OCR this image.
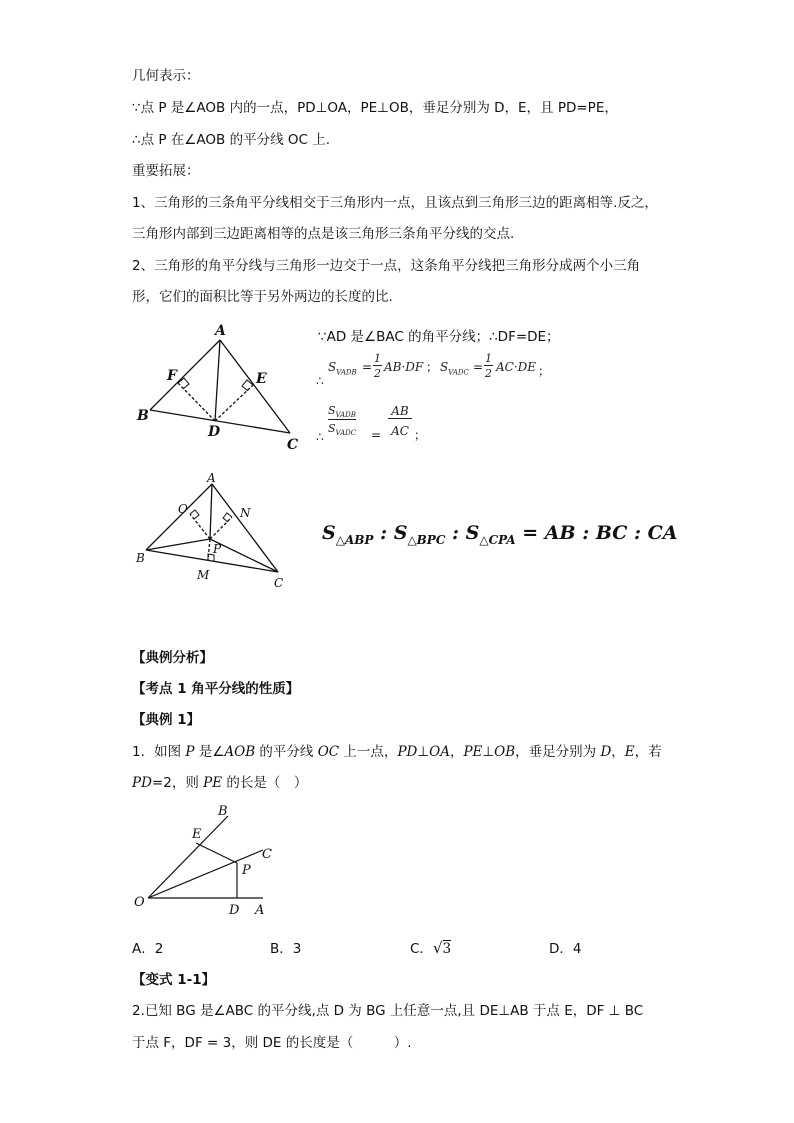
几何表示：
∵点 P 是∠AOB 内的一点，PD⊥OA，PE⊥OB，垂足分别为 D，E，且 PD=PE，
∴点 P 在∠AOB 的平分线 OC 上.
重要拓展：
1、三角形的三条角平分线相交于三角形内一点，且该点到三角形三边的距离相等.反之，
三角形内部到三边距离相等的点是该三角形三条角平分线的交点.
2、三角形的角平分线与三角形一边交于一点，这条角平分线把三角形分成两个小三角
形，它们的面积比等于另外两边的长度的比.
A
F	E
B
D
C
∵AD 是∠BAC 的角平分线；∴DF=DE；
∴
$S_{VADB}$ =
1
2 AB·DF ； $S_{VADC}$ =
1
2 AC·DE ；
∴
$S_{VADB}$
$S_{VADC}$ =
AB
AC ；
A
O	N
P
B
M
C
$S_{\triangle ABP}$ : $S_{\triangle BPC}$ : $S_{\triangle CPA}$ = AB : BC : CA
【典例分析】
【考点 1 角平分线的性质】
【典例 1】
1．如图 P 是∠AOB 的平分线 OC 上一点，PD⊥OA，PE⊥OB，垂足分别为 D，E，若
PD=2，则 PE 的长是（　）
B
E
C
P
O
D A
A．2	B．3	C．√3	D．4
【变式 1-1】
2.已知 BG 是∠ABC 的平分线,点 D 为 BG 上任意一点,且 DE⊥AB 于点 E，DF ⊥ BC
于点 F，DF = 3，则 DE 的长度是（　　　）.
